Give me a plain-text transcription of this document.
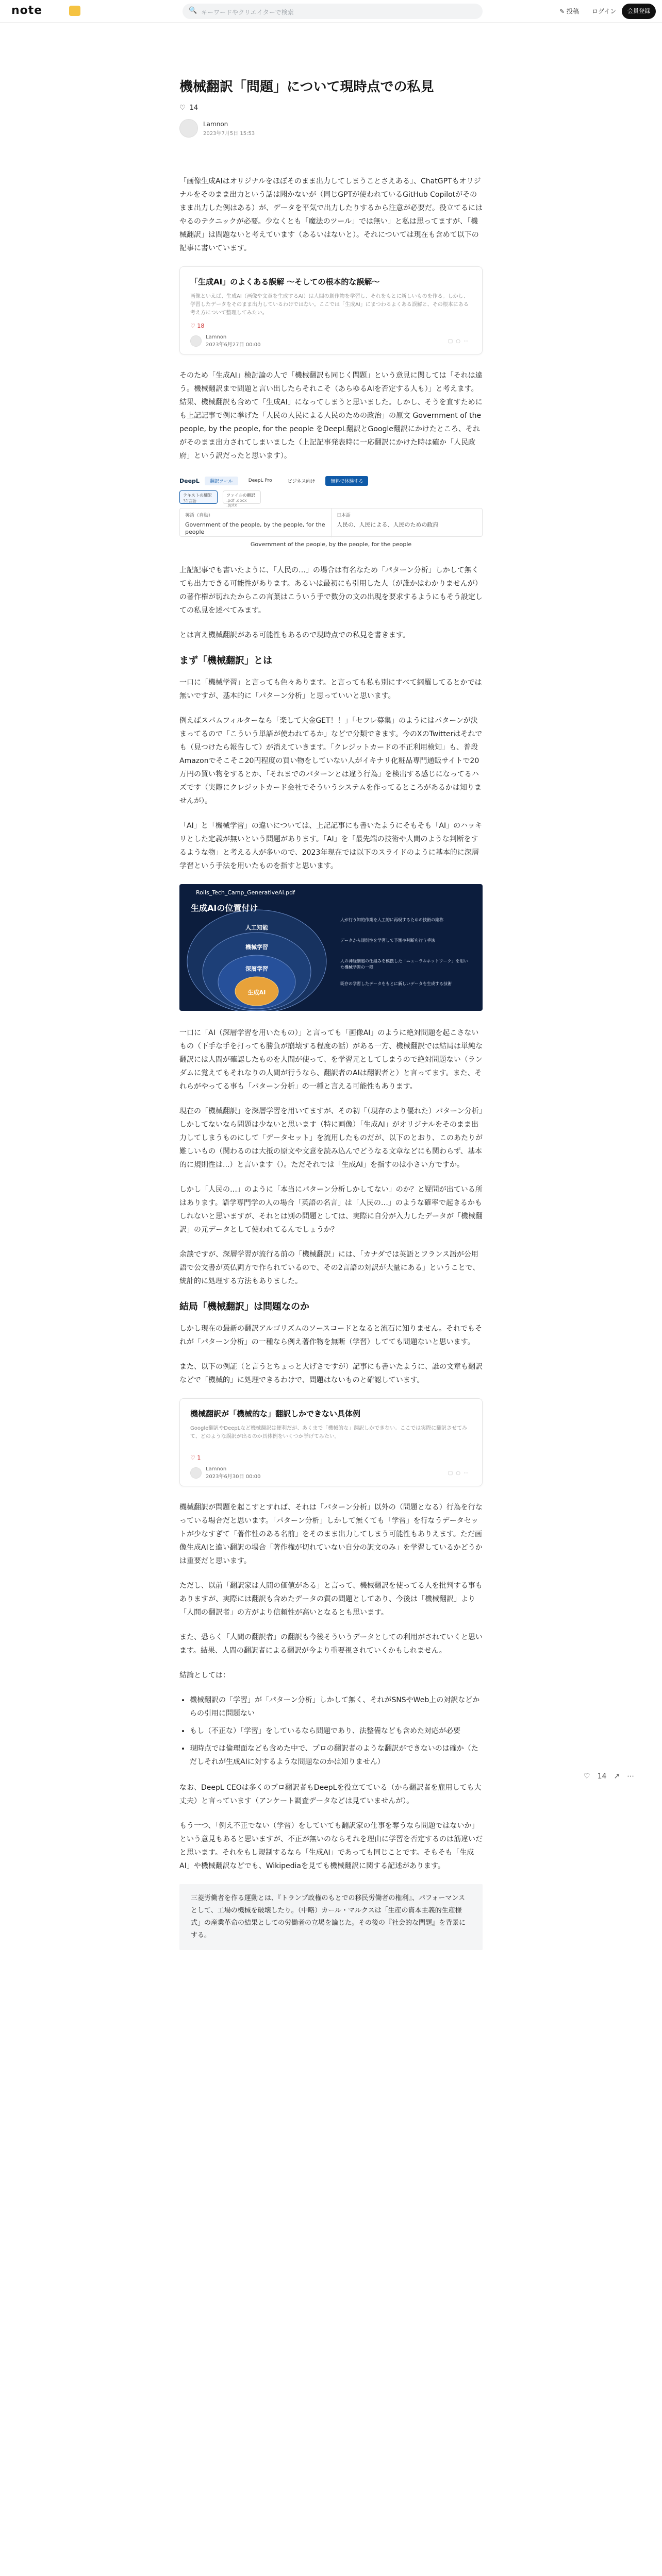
note	🔍 キーワードやクリエイターで検索	✎ 投稿 ログイン	会員登録
機械翻訳「問題」について現時点での私見
♡ 14
Lamnon
2023年7月5日 15:53

「画像生成AIはオリジナルをほぼそのまま出力してしまうことさえある」、ChatGPTもオリジナルをそのまま出力という話は聞かないが（同じGPTが使われているGitHub Copilotがそのまま出力した例はある）が、データを平気で出力したりするから注意が必要だ。役立てるにはやるのテクニックが必要。少なくとも「魔法のツール」では無い」と私は思ってますが、「機械翻訳」は問題ないと考えています（あるいはないと）。それについては現在も含めて以下の記事に書いています。

「生成AI」のよくある誤解 ～そしての根本的な誤解～
画像といえば、生成AI（画像や文章を生成するAI）は人間の創作物を学習し、それをもとに新しいものを作る。しかし、学習したデータをそのまま出力しているわけではない。ここでは「生成AI」にまつわるよくある誤解と、その根本にある考え方について整理してみたい。
♡ 18
Lamnon
2023年6月27日 00:00
▢○⋯

そのため「生成AI」検討論の人で「機械翻訳も同じく問題」という意見に関しては「それは違う。機械翻訳まで問題と言い出したらそれこそ（あらゆるAIを否定する人も）」と考えます。結果、機械翻訳も含めて「生成AI」になってしまうと思いました。しかし、そうを直すためにも上記記事で例に挙げた「人民の人民による人民のための政治」の原文 Government of the people, by the people, for the people をDeepL翻訳とGoogle翻訳にかけたところ、それがそのまま出力されてしまいました（上記記事発表時に一応翻訳にかけた時は確か「人民政府」という訳だったと思います）。

DeepL	翻訳ツール	DeepL Pro	ビジネス向け	無料で体験する
テキストの翻訳
31言語
ファイルの翻訳
.pdf .docx .pptx
英語（自動）
Government of the people, by the people, for the people
日本語
人民の、人民による、人民のための政府
Government of the people, by the people, for the people

上記記事でも書いたように、「人民の…」の場合は有名なため「パターン分析」しかして無くても出力できる可能性があります。あるいは最初にも引用した人（が誰かはわかりませんが）の著作権が切れたからこの言葉はこういう手で数分の文の出現を要求するようにもそう設定しての私見を述べてみます。

とは言え機械翻訳がある可能性もあるので現時点での私見を書きます。

まず「機械翻訳」とは

一口に「機械学習」と言っても色々あります。と言っても私も別にすべて網羅してるとかでは無いですが、基本的に「パターン分析」と思っていいと思います。

例えばスパムフィルターなら「楽して大金GET！！」「セフレ募集」のようにはパターンが決まってるので「こういう単語が使われてるか」などで分類できます。今のXのTwitterはそれでも（見つけたら報告して）が消えていきます。「クレジットカードの不正利用検知」も、普段Amazonでそこそこ20円程度の買い物をしていない人がイキナリ化粧品専門通販サイトで20万円の買い物をするとか、「それまでのパターンとは違う行為」を検出する感じになってるハズです（実際にクレジットカード会社でそういうシステムを作ってるところがあるかは知りませんが）。

「AI」と「機械学習」の違いについては、上記記事にも書いたようにそもそも「AI」のハッキリとした定義が無いという問題があります。「AI」を「最先端の技術や人間のような判断をするような物」と考える人が多いので、2023年現在では以下のスライドのように基本的に深層学習という手法を用いたものを指すと思います。

Rolls_Tech_Camp_GenerativeAI.pdf
生成AIの位置付け
人工知能
機械学習
深層学習
生成AI
人が行う知的作業を人工的に再現するための技術の総称
データから規則性を学習して予測や判断を行う手法
人の神経細胞の仕組みを模倣した「ニューラルネットワーク」を用いた機械学習の一種
既存の学習したデータをもとに新しいデータを生成する技術

一口に「AI（深層学習を用いたもの）」と言っても「画像AI」のように絶対問題を起こさないもの（下手な手を打っても勝負が崩壊する程度の話）がある一方、機械翻訳では結局は単純な翻訳には人間が確認したものを人間が使って、を学習元としてしまうので絶対問題ない（ランダムに覚えてもそれなりの人間が行うなら、翻訳者のAIは翻訳者と）と言ってます。また、それらがやってる事も「パターン分析」の一種と言える可能性もあります。

現在の「機械翻訳」を深層学習を用いてますが、その初「（現存のより優れた）パターン分析」しかしてないなら問題は少ないと思います（特に画像）「生成AI」がオリジナルをそのまま出力してしまうものにして「データセット」を流用したものだが、以下のとおり、このあたりが難しいもの（関わるのは大抵の原文や文意を読み込んでどうなる文章などにも関わらず、基本的に規則性は...）と言います（）。ただそれでは「生成AI」を指すのは小さい方ですか。

しかし「人民の…」のように「本当にパターン分析しかしてない」のか？と疑問が出ている所はあります。語学専門学の人の場合「英語の名言」は「人民の…」のような確率で起きるかもしれないと思いますが、それとは別の問題としては、実際に自分が入力したデータが「機械翻訳」の元データとして使われてるんでしょうか？

余談ですが、深層学習が流行る前の「機械翻訳」には、「カナダでは英語とフランス語が公用語で公文書が英仏両方で作られているので、その2言語の対訳が大量にある」ということで、統計的に処理する方法もありました。

結局「機械翻訳」は問題なのか

しかし現在の最新の翻訳アルゴリズムのソースコードとなると流石に知りません。それでもそれが「パターン分析」の一種なら例え著作物を無断（学習）してても問題ないと思います。

また、以下の例証（と言うとちょっと大げさですが）記事にも書いたように、誰の文章も翻訳などで「機械的」に処理できるわけで、問題はないものと確認しています。

機械翻訳が「機械的な」翻訳しかできない具体例
Google翻訳やDeepLなど機械翻訳は便利だが、あくまで「機械的な」翻訳しかできない。ここでは実際に翻訳させてみて、どのような誤訳が出るのか具体例をいくつか挙げてみたい。
♡ 1
Lamnon
2023年6月30日 00:00
▢○⋯

機械翻訳が問題を起こすとすれば、それは「パターン分析」以外の（問題となる）行為を行なっている場合だと思います。「パターン分析」しかして無くても「学習」を行なうデータセットが少なすぎて「著作性のある名前」をそのまま出力してしまう可能性もありえます。ただ画像生成AIと違い翻訳の場合「著作権が切れていない自分の訳文のみ」を学習しているかどうかは重要だと思います。

ただし、以前「翻訳家は人間の価値がある」と言って、機械翻訳を使ってる人を批判する事もありますが、実際には翻訳も含めたデータの質の問題としてあり、今後は「機械翻訳」より「人間の翻訳者」の方がより信頼性が高いとなるとも思います。

また、恐らく「人間の翻訳者」の翻訳も今後そういうデータとしての利用がされていくと思います。結果、人間の翻訳者による翻訳が今より重要視されていくかもしれません。

結論としては：

• 機械翻訳の「学習」が「パターン分析」しかして無く、それがSNSやWeb上の対訳などからの引用に問題ない
• もし（不正な）「学習」をしているなら問題であり、法整備なども含めた対応が必要
• 現時点では倫理面なども含めた中で、プロの翻訳者のような翻訳ができないのは確か（ただしそれが生成AIに対するような問題なのかは知りません）

なお、DeepL CEOは多くのプロ翻訳者もDeepLを役立てている（から翻訳者を雇用しても大丈夫）と言っています（アンケート調査データなどは見ていませんが）。

もう一つ、「例え不正でない（学習）をしていても翻訳家の仕事を奪うなら問題ではないか」という意見もあると思いますが、不正が無いのならそれを理由に学習を否定するのは筋違いだと思います。それをもし規制するなら「生成AI」であっても同じことです。そもそも「生成AI」や機械翻訳などでも、Wikipediaを見ても機械翻訳に関する記述があります。

三菱労働者を作る運動とは、『トランプ政権のもとでの移民労働者の権利』、パフォーマンスとして、工場の機械を破壊したり。（中略）カール・マルクスは「生産の資本主義的生産様式」の産業革命の結果としての労働者の立場を論じた。その後の『社会的な問題』を背景にする。
♡ 14 ↗ ⋯
